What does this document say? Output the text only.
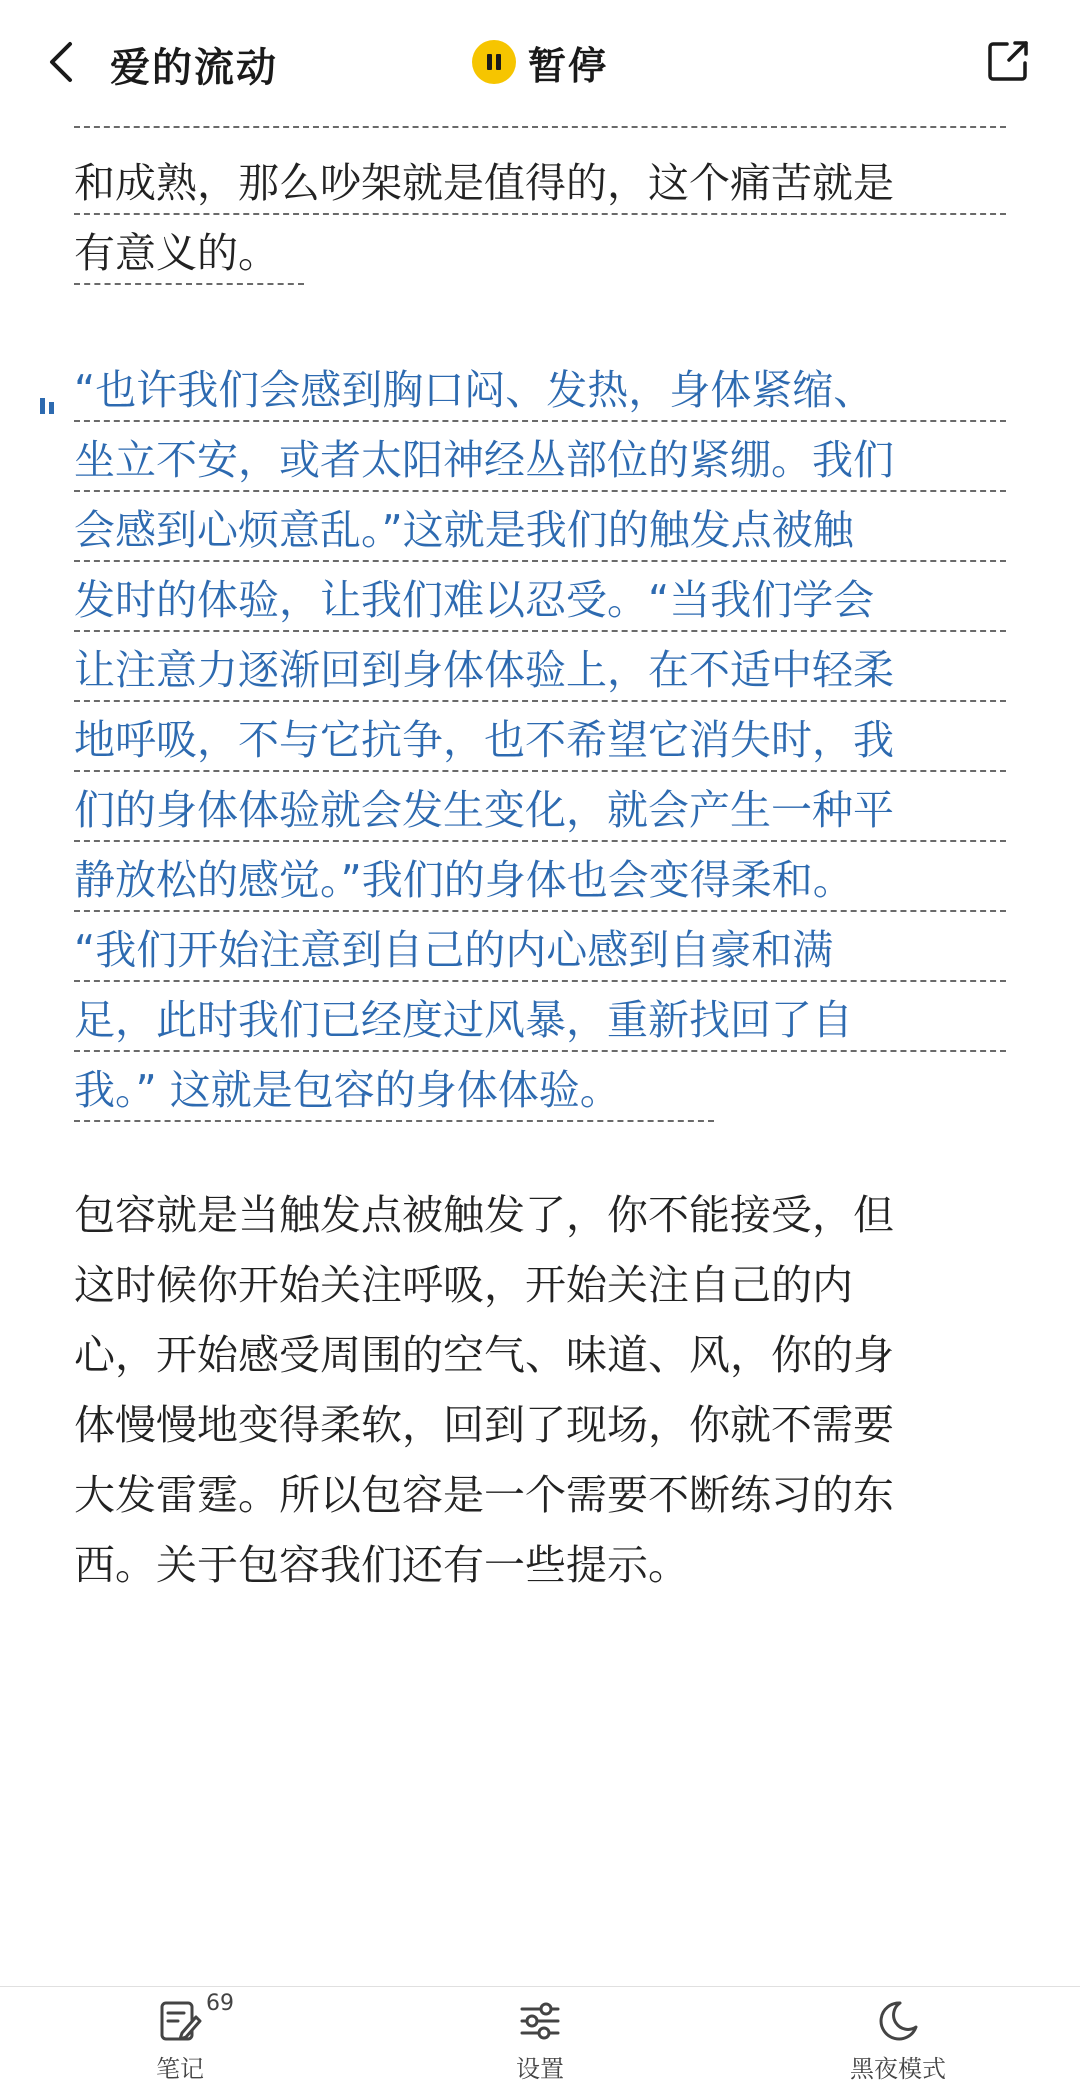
爱的流动	暂停
和成熟，那么吵架就是值得的，这个痛苦就是
有意义的。
“也许我们会感到胸口闷、发热，身体紧缩、
坐立不安，或者太阳神经丛部位的紧绷。我们
会感到心烦意乱。”这就是我们的触发点被触
发时的体验，让我们难以忍受。“当我们学会
让注意力逐渐回到身体体验上，在不适中轻柔
地呼吸，不与它抗争，也不希望它消失时，我
们的身体体验就会发生变化，就会产生一种平
静放松的感觉。”我们的身体也会变得柔和。
“我们开始注意到自己的内心感到自豪和满
足，此时我们已经度过风暴，重新找回了自
我。” 这就是包容的身体体验。
包容就是当触发点被触发了，你不能接受，但
这时候你开始关注呼吸，开始关注自己的内
心，开始感受周围的空气、味道、风，你的身
体慢慢地变得柔软，回到了现场，你就不需要
大发雷霆。所以包容是一个需要不断练习的东
西。关于包容我们还有一些提示。
69
笔记	设置	黑夜模式
